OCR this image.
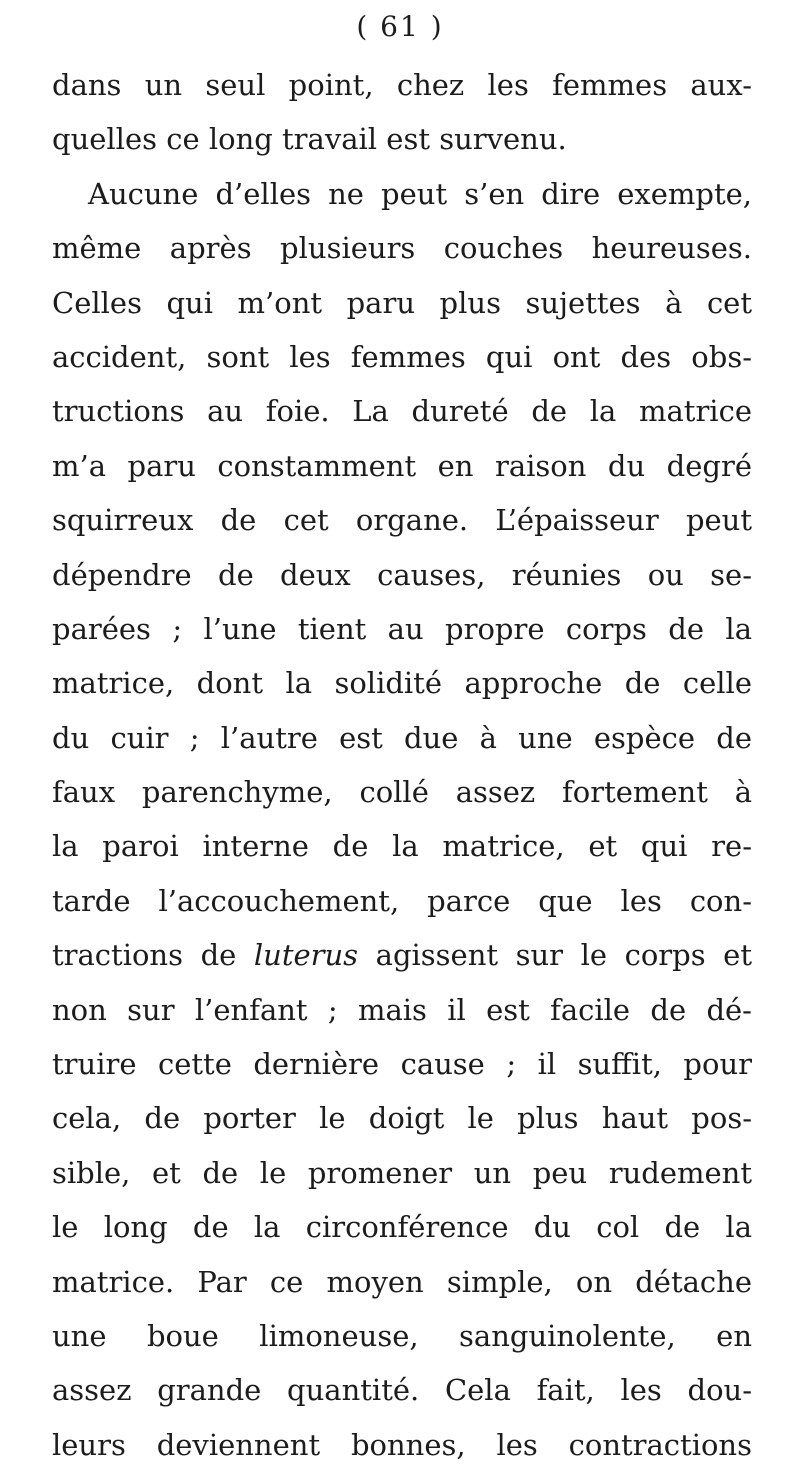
( 61 )
dans un seul point, chez les femmes aux-
quelles ce long travail est survenu.
Aucune d’elles ne peut s’en dire exempte,
même après plusieurs couches heureuses.
Celles qui m’ont paru plus sujettes à cet
accident, sont les femmes qui ont des obs-
tructions au foie. La dureté de la matrice
m’a paru constamment en raison du degré
squirreux de cet organe. L’épaisseur peut
dépendre de deux causes, réunies ou se-
parées ; l’une tient au propre corps de la
matrice, dont la solidité approche de celle
du cuir ; l’autre est due à une espèce de
faux parenchyme, collé assez fortement à
la paroi interne de la matrice, et qui re-
tarde l’accouchement, parce que les con-
tractions de luterus agissent sur le corps et
non sur l’enfant ; mais il est facile de dé-
truire cette dernière cause ; il suffit, pour
cela, de porter le doigt le plus haut pos-
sible, et de le promener un peu rudement
le long de la circonférence du col de la
matrice. Par ce moyen simple, on détache
une boue limoneuse, sanguinolente, en
assez grande quantité. Cela fait, les dou-
leurs deviennent bonnes, les contractions
